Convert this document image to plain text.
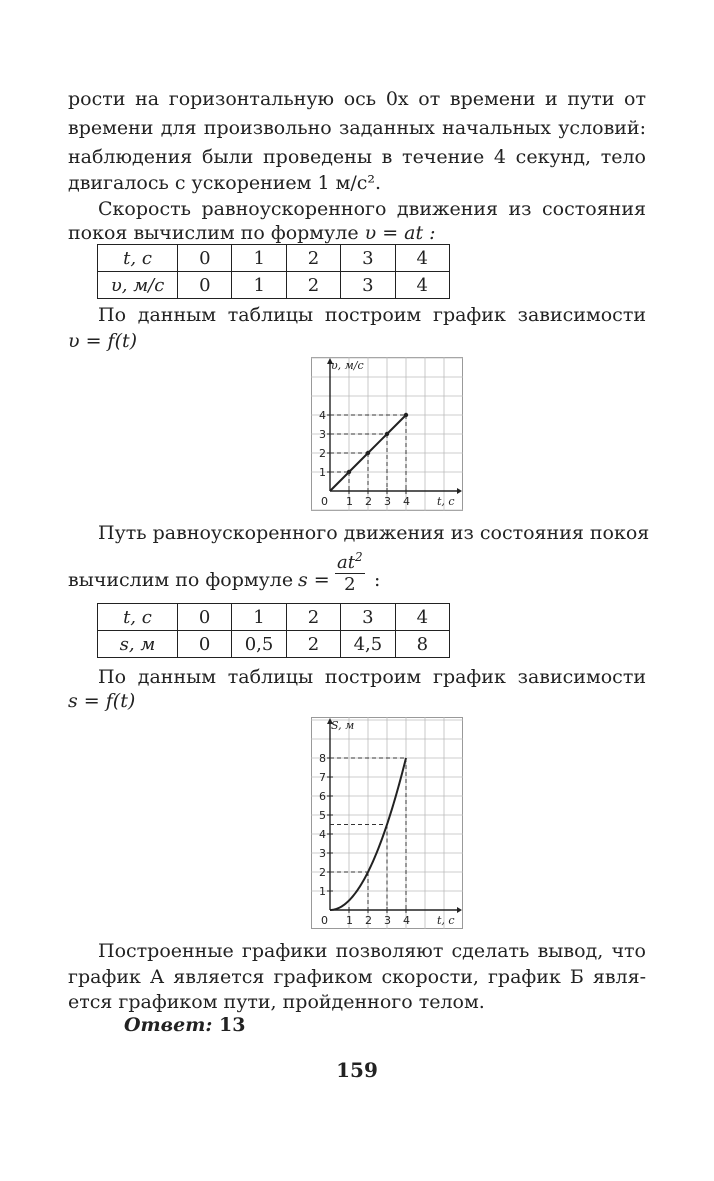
рости на горизонтальную ось 0x от времени и пути от
времени для произвольно заданных начальных условий:
наблюдения были проведены в течение 4 секунд, тело
двигалось с ускорением 1 м/с².
Скорость равноускоренного движения из состояния
покоя вычислим по формуле υ = at :
t, с	0	1	2	3	4
υ, м/с	0	1	2	3	4
По данным таблицы построим график зависимости
υ = f(t)
υ, м/с
t, с
0 1 2 3 4
1
2
3
4
Путь равноускоренного движения из состояния покоя
вычислим по формуле $s = \frac{at^2}{2}$ :
t, с	0	1	2	3	4
s, м	0	0,5	2	4,5	8
По данным таблицы построим график зависимости
s = f(t)
S, м
t, с
0 1 2 3 4
1
2
3
4
5
6
7
8
Построенные графики позволяют сделать вывод, что
график А является графиком скорости, график Б явля-
ется графиком пути, пройденного телом.
Ответ: 13
159
